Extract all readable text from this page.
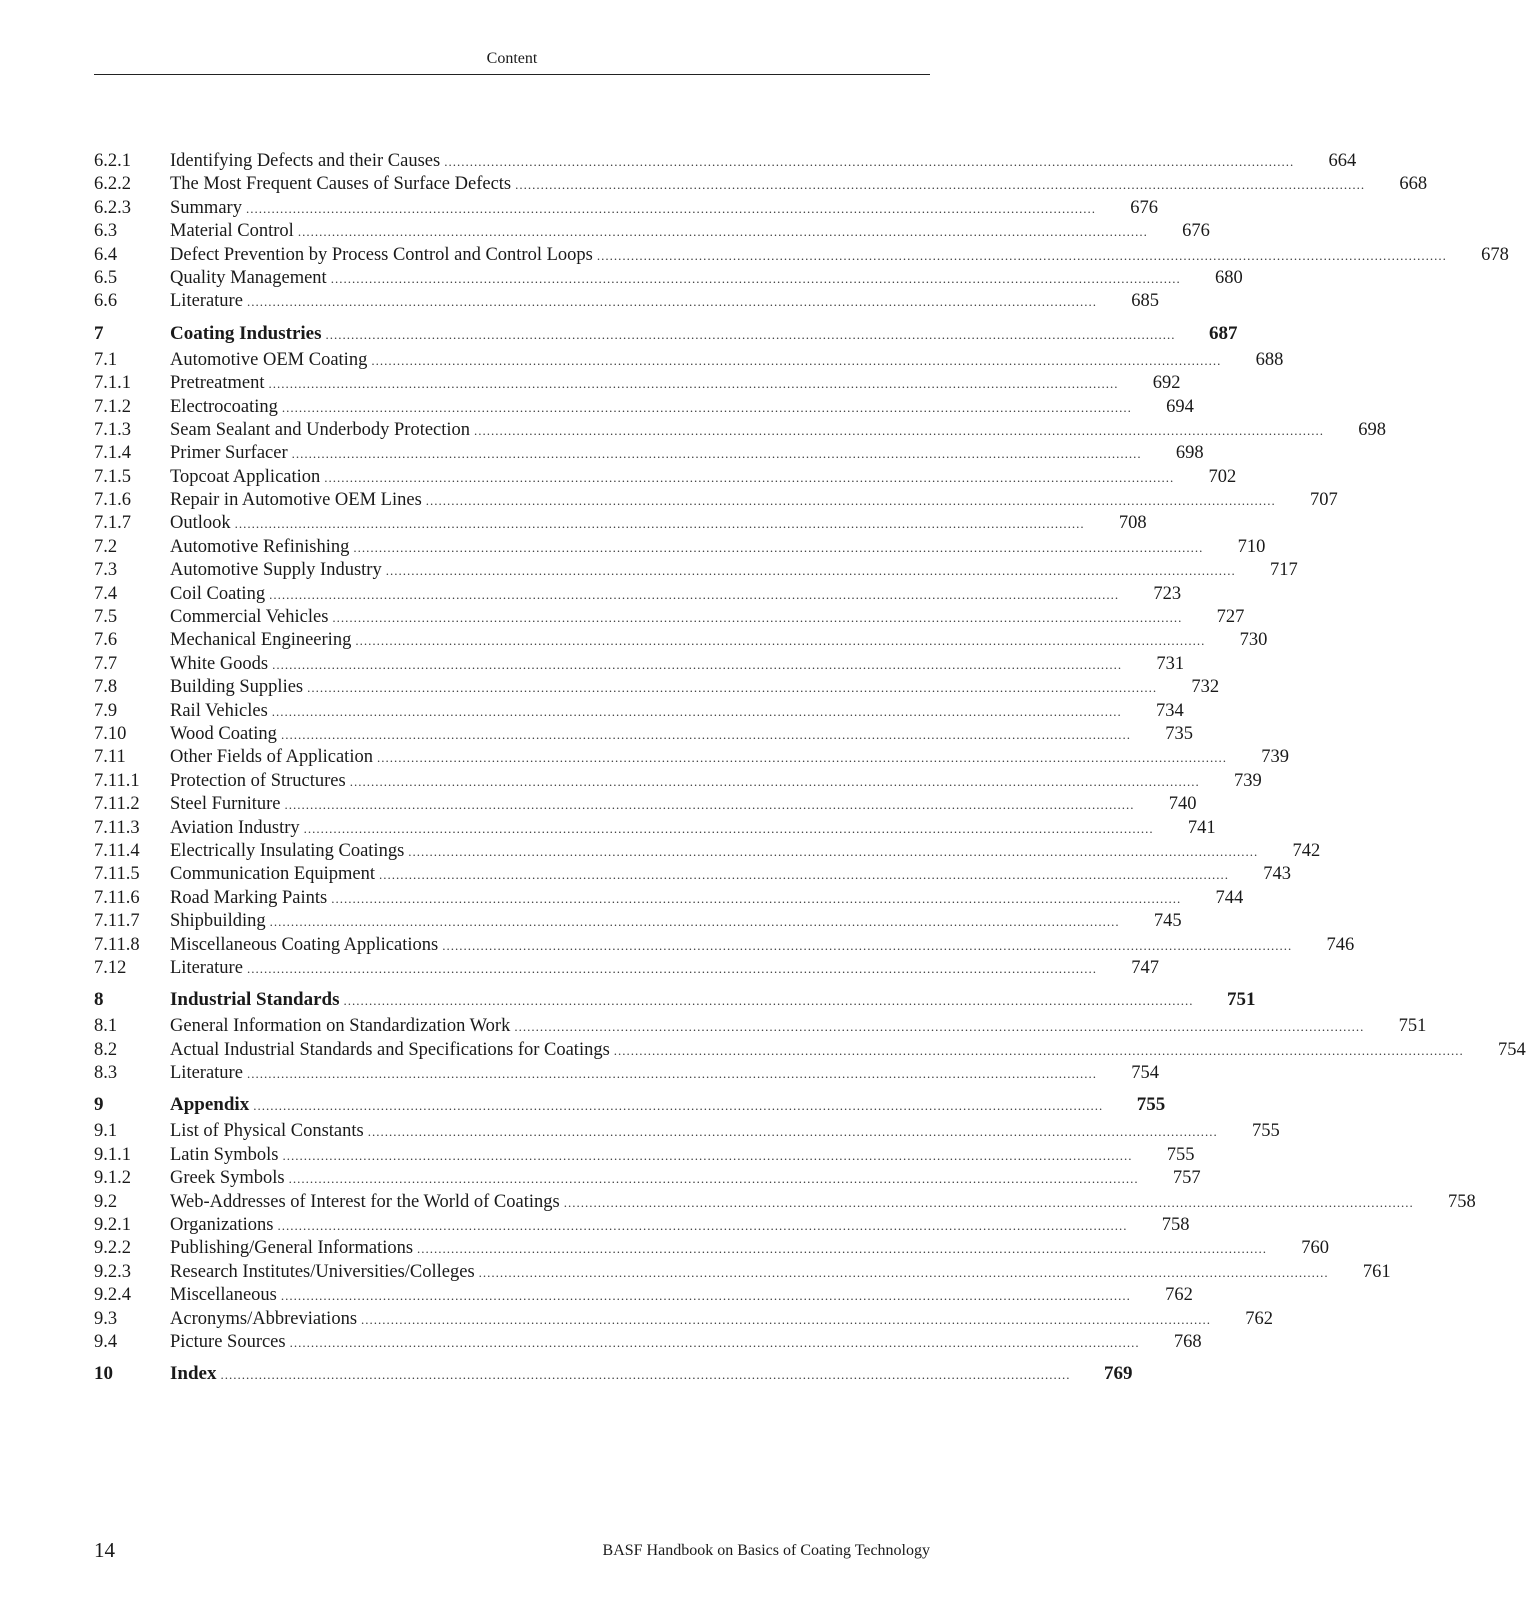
Content
6.2.1	Identifying Defects and their Causes ........................................................................................................................................................................................................	664
6.2.2	The Most Frequent Causes of Surface Defects ........................................................................................................................................................................................................	668
6.2.3	Summary ........................................................................................................................................................................................................	676
6.3	Material Control ........................................................................................................................................................................................................	676
6.4	Defect Prevention by Process Control and Control Loops ........................................................................................................................................................................................................	678
6.5	Quality Management ........................................................................................................................................................................................................	680
6.6	Literature ........................................................................................................................................................................................................	685
7	Coating Industries ........................................................................................................................................................................................................	687
7.1	Automotive OEM Coating ........................................................................................................................................................................................................	688
7.1.1	Pretreatment ........................................................................................................................................................................................................	692
7.1.2	Electrocoating ........................................................................................................................................................................................................	694
7.1.3	Seam Sealant and Underbody Protection ........................................................................................................................................................................................................	698
7.1.4	Primer Surfacer ........................................................................................................................................................................................................	698
7.1.5	Topcoat Application ........................................................................................................................................................................................................	702
7.1.6	Repair in Automotive OEM Lines ........................................................................................................................................................................................................	707
7.1.7	Outlook ........................................................................................................................................................................................................	708
7.2	Automotive Refinishing ........................................................................................................................................................................................................	710
7.3	Automotive Supply Industry ........................................................................................................................................................................................................	717
7.4	Coil Coating ........................................................................................................................................................................................................	723
7.5	Commercial Vehicles ........................................................................................................................................................................................................	727
7.6	Mechanical Engineering ........................................................................................................................................................................................................	730
7.7	White Goods ........................................................................................................................................................................................................	731
7.8	Building Supplies ........................................................................................................................................................................................................	732
7.9	Rail Vehicles ........................................................................................................................................................................................................	734
7.10	Wood Coating ........................................................................................................................................................................................................	735
7.11	Other Fields of Application ........................................................................................................................................................................................................	739
7.11.1	Protection of Structures ........................................................................................................................................................................................................	739
7.11.2	Steel Furniture ........................................................................................................................................................................................................	740
7.11.3	Aviation Industry ........................................................................................................................................................................................................	741
7.11.4	Electrically Insulating Coatings ........................................................................................................................................................................................................	742
7.11.5	Communication Equipment ........................................................................................................................................................................................................	743
7.11.6	Road Marking Paints ........................................................................................................................................................................................................	744
7.11.7	Shipbuilding ........................................................................................................................................................................................................	745
7.11.8	Miscellaneous Coating Applications ........................................................................................................................................................................................................	746
7.12	Literature ........................................................................................................................................................................................................	747
8	Industrial Standards ........................................................................................................................................................................................................	751
8.1	General Information on Standardization Work ........................................................................................................................................................................................................	751
8.2	Actual Industrial Standards and Specifications for Coatings ........................................................................................................................................................................................................	754
8.3	Literature ........................................................................................................................................................................................................	754
9	Appendix ........................................................................................................................................................................................................	755
9.1	List of Physical Constants ........................................................................................................................................................................................................	755
9.1.1	Latin Symbols ........................................................................................................................................................................................................	755
9.1.2	Greek Symbols ........................................................................................................................................................................................................	757
9.2	Web-Addresses of Interest for the World of Coatings ........................................................................................................................................................................................................	758
9.2.1	Organizations ........................................................................................................................................................................................................	758
9.2.2	Publishing/General Informations ........................................................................................................................................................................................................	760
9.2.3	Research Institutes/Universities/Colleges ........................................................................................................................................................................................................	761
9.2.4	Miscellaneous ........................................................................................................................................................................................................	762
9.3	Acronyms/Abbreviations ........................................................................................................................................................................................................	762
9.4	Picture Sources ........................................................................................................................................................................................................	768
10	Index ........................................................................................................................................................................................................	769
14	BASF Handbook on Basics of Coating Technology
